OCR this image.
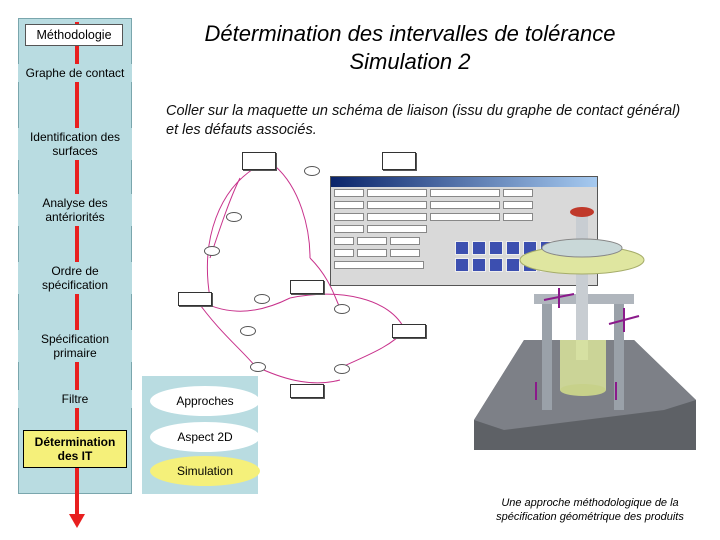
Méthodologie
Graphe de contact
Identification des surfaces
Analyse des antériorités
Ordre de spécification
Spécification primaire
Filtre
Détermination des IT
Détermination des intervalles de tolérance
Simulation 2
Coller sur la maquette un schéma de liaison (issu du graphe de contact général) et les défauts associés.
Approches
Aspect 2D
Simulation
Une approche méthodologique de la spécification géométrique des produits
